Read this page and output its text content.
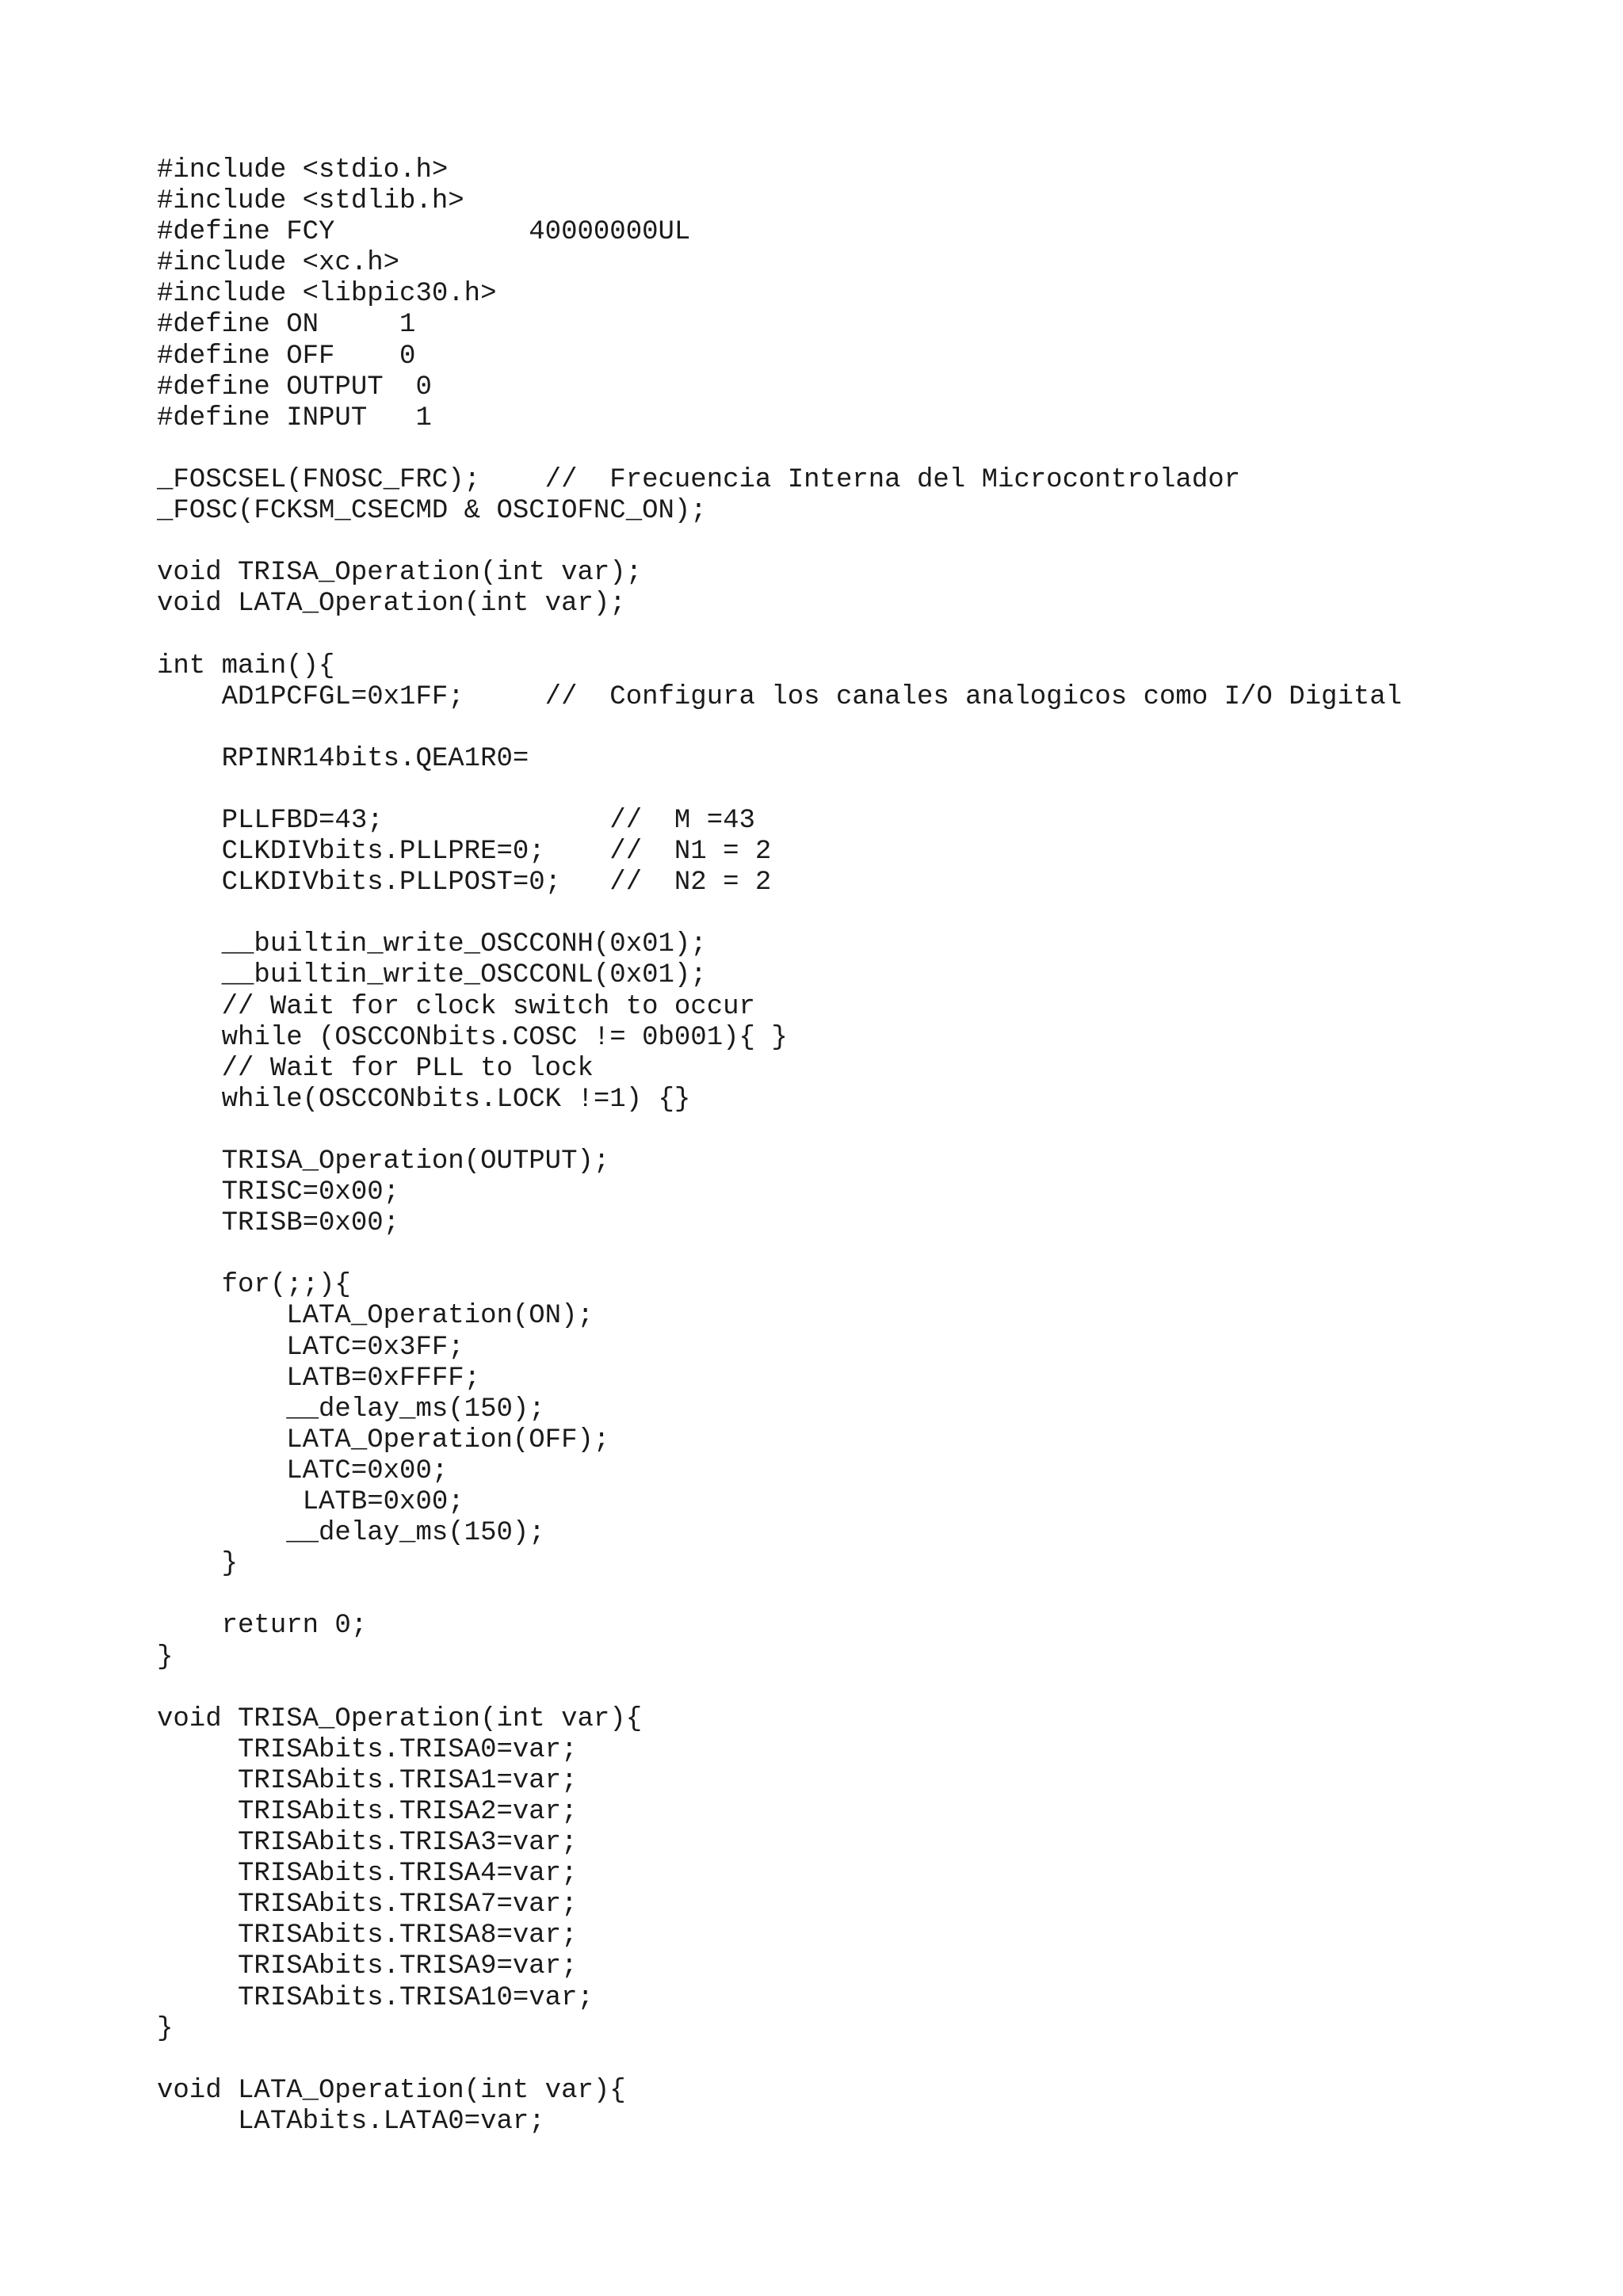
#include <stdio.h>
#include <stdlib.h>
#define FCY            40000000UL
#include <xc.h>
#include <libpic30.h>
#define ON     1
#define OFF    0
#define OUTPUT  0
#define INPUT   1

_FOSCSEL(FNOSC_FRC);    //  Frecuencia Interna del Microcontrolador
_FOSC(FCKSM_CSECMD & OSCIOFNC_ON);

void TRISA_Operation(int var);
void LATA_Operation(int var);

int main(){
AD1PCFGL=0x1FF;     //  Configura los canales analogicos como I/O Digital

RPINR14bits.QEA1R0=

PLLFBD=43;              //  M =43
CLKDIVbits.PLLPRE=0;    //  N1 = 2
CLKDIVbits.PLLPOST=0;   //  N2 = 2

__builtin_write_OSCCONH(0x01);
__builtin_write_OSCCONL(0x01);
// Wait for clock switch to occur
while (OSCCONbits.COSC != 0b001){ }
// Wait for PLL to lock
while(OSCCONbits.LOCK !=1) {}

TRISA_Operation(OUTPUT);
TRISC=0x00;
TRISB=0x00;

for(;;){
LATA_Operation(ON);
LATC=0x3FF;
LATB=0xFFFF;
__delay_ms(150);
LATA_Operation(OFF);
LATC=0x00;
LATB=0x00;
__delay_ms(150);
}

return 0;
}

void TRISA_Operation(int var){
TRISAbits.TRISA0=var;
TRISAbits.TRISA1=var;
TRISAbits.TRISA2=var;
TRISAbits.TRISA3=var;
TRISAbits.TRISA4=var;
TRISAbits.TRISA7=var;
TRISAbits.TRISA8=var;
TRISAbits.TRISA9=var;
TRISAbits.TRISA10=var;
}

void LATA_Operation(int var){
LATAbits.LATA0=var;
